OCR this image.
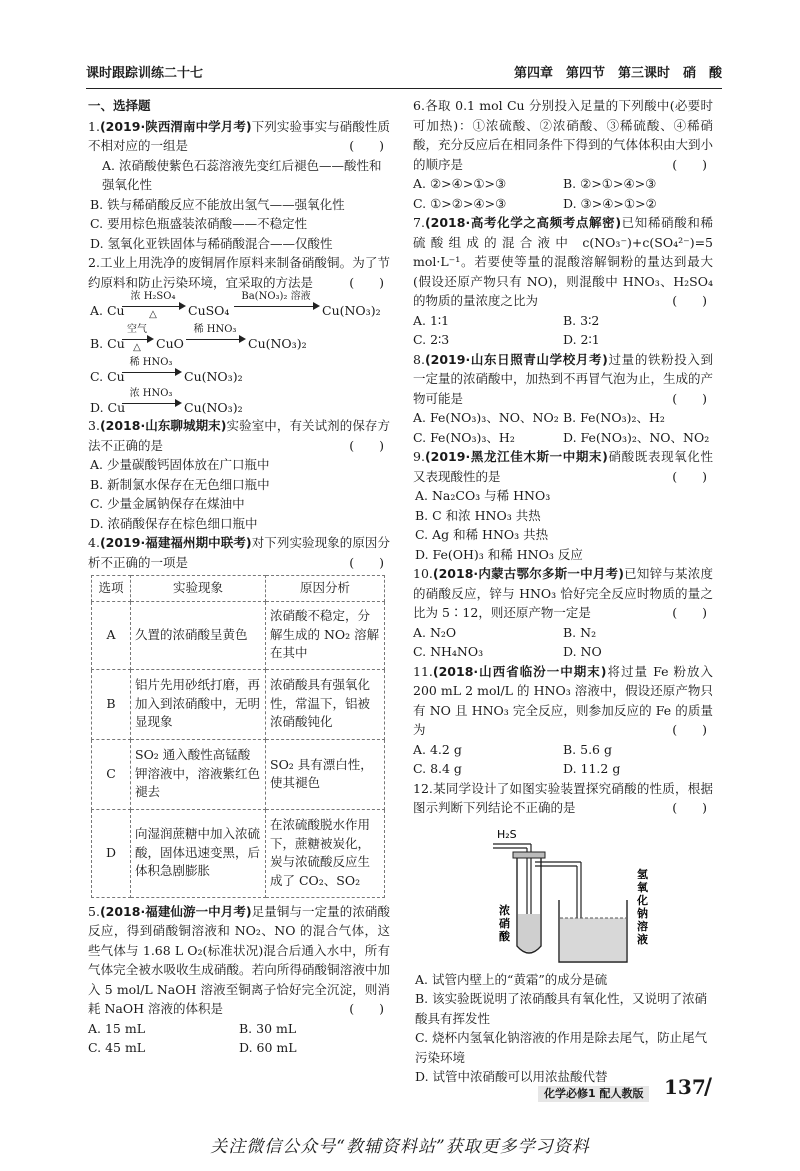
课时跟踪训练二十七	第四章　第四节　第三课时　硝　酸
一、选择题

1.(2019·陕西渭南中学月考)下列实验事实与硝酸性质不相对应的一组是	(　　)

A. 浓硝酸使紫色石蕊溶液先变红后褪色——酸性和强氧化性
B. 铁与稀硝酸反应不能放出氢气——强氧化性
C. 要用棕色瓶盛装浓硝酸——不稳定性
D. 氢氧化亚铁固体与稀硝酸混合——仅酸性

2.工业上用洗净的废铜屑作原料来制备硝酸铜。为了节约原料和防止污染环境，宜采取的方法是	(　　)

A. Cu
浓 H₂SO₄
△	CuSO₄
Ba(NO₃)₂ 溶液
Cu(NO₃)₂
B. Cu
空气
△	CuO
稀 HNO₃
Cu(NO₃)₂
C. Cu
稀 HNO₃
Cu(NO₃)₂
D. Cu
浓 HNO₃
Cu(NO₃)₂

3.(2018·山东聊城期末)实验室中，有关试剂的保存方法不正确的是	(　　)

A. 少量碳酸钙固体放在广口瓶中
B. 新制氯水保存在无色细口瓶中
C. 少量金属钠保存在煤油中
D. 浓硝酸保存在棕色细口瓶中

4.(2019·福建福州期中联考)对下列实验现象的原因分析不正确的一项是	(　　)

选项	实验现象	原因分析
A	久置的浓硝酸呈黄色	浓硝酸不稳定，分解生成的 NO₂ 溶解在其中
B	铝片先用砂纸打磨，再加入到浓硝酸中，无明显现象	浓硝酸具有强氧化性，常温下，铝被浓硝酸钝化
C	SO₂ 通入酸性高锰酸钾溶液中，溶液紫红色褪去	SO₂ 具有漂白性，使其褪色
D	向湿润蔗糖中加入浓硫酸，固体迅速变黑，后体积急剧膨胀	在浓硫酸脱水作用下，蔗糖被炭化，炭与浓硫酸反应生成了 CO₂、SO₂

5.(2018·福建仙游一中月考)足量铜与一定量的浓硝酸反应，得到硝酸铜溶液和 NO₂、NO 的混合气体，这些气体与 1.68 L O₂(标准状况)混合后通入水中，所有气体完全被水吸收生成硝酸。若向所得硝酸铜溶液中加入 5 mol/L NaOH 溶液至铜离子恰好完全沉淀，则消耗 NaOH 溶液的体积是	(　　)

A. 15 mL	B. 30 mL
C. 45 mL	D. 60 mL

6.各取 0.1 mol Cu 分别投入足量的下列酸中(必要时可加热)：①浓硫酸、②浓硝酸、③稀硫酸、④稀硝酸，充分反应后在相同条件下得到的气体体积由大到小的顺序是	(　　)

A. ②>④>①>③	B. ②>①>④>③
C. ①>②>④>③	D. ③>④>①>②

7.(2018·高考化学之高频考点解密)已知稀硝酸和稀硫酸组成的混合液中 c(NO₃⁻)+c(SO₄²⁻)=5 mol·L⁻¹。若要使等量的混酸溶解铜粉的量达到最大(假设还原产物只有 NO)，则混酸中 HNO₃、H₂SO₄ 的物质的量浓度之比为	(　　)

A. 1∶1	B. 3∶2
C. 2∶3	D. 2∶1

8.(2019·山东日照青山学校月考)过量的铁粉投入到一定量的浓硝酸中，加热到不再冒气泡为止，生成的产物可能是	(　　)

A. Fe(NO₃)₃、NO、NO₂ B. Fe(NO₃)₂、H₂
C. Fe(NO₃)₃、H₂	D. Fe(NO₃)₂、NO、NO₂

9.(2019·黑龙江佳木斯一中期末)硝酸既表现氧化性又表现酸性的是	(　　)

A. Na₂CO₃ 与稀 HNO₃
B. C 和浓 HNO₃ 共热
C. Ag 和稀 HNO₃ 共热
D. Fe(OH)₃ 和稀 HNO₃ 反应

10.(2018·内蒙古鄂尔多斯一中月考)已知锌与某浓度的硝酸反应，锌与 HNO₃ 恰好完全反应时物质的量之比为 5∶12，则还原产物一定是	(　　)

A. N₂O	B. N₂
C. NH₄NO₃	D. NO

11.(2018·山西省临汾一中期末)将过量 Fe 粉放入 200 mL 2 mol/L 的 HNO₃ 溶液中，假设还原产物只有 NO 且 HNO₃ 完全反应，则参加反应的 Fe 的质量为	(　　)

A. 4.2 g	B. 5.6 g
C. 8.4 g	D. 11.2 g

12.某同学设计了如图实验装置探究硝酸的性质，根据图示判断下列结论不正确的是	(　　)

H₂S
浓硝酸
氢氧化钠溶液
A. 试管内壁上的“黄霜”的成分是硫
B. 该实验既说明了浓硝酸具有氧化性，又说明了浓硝酸具有挥发性
C. 烧杯内氢氧化钠溶液的作用是除去尾气，防止尾气污染环境
D. 试管中浓硝酸可以用浓盐酸代替
化学必修1 配人教版	137
/
关注微信公众号“教辅资料站”获取更多学习资料
